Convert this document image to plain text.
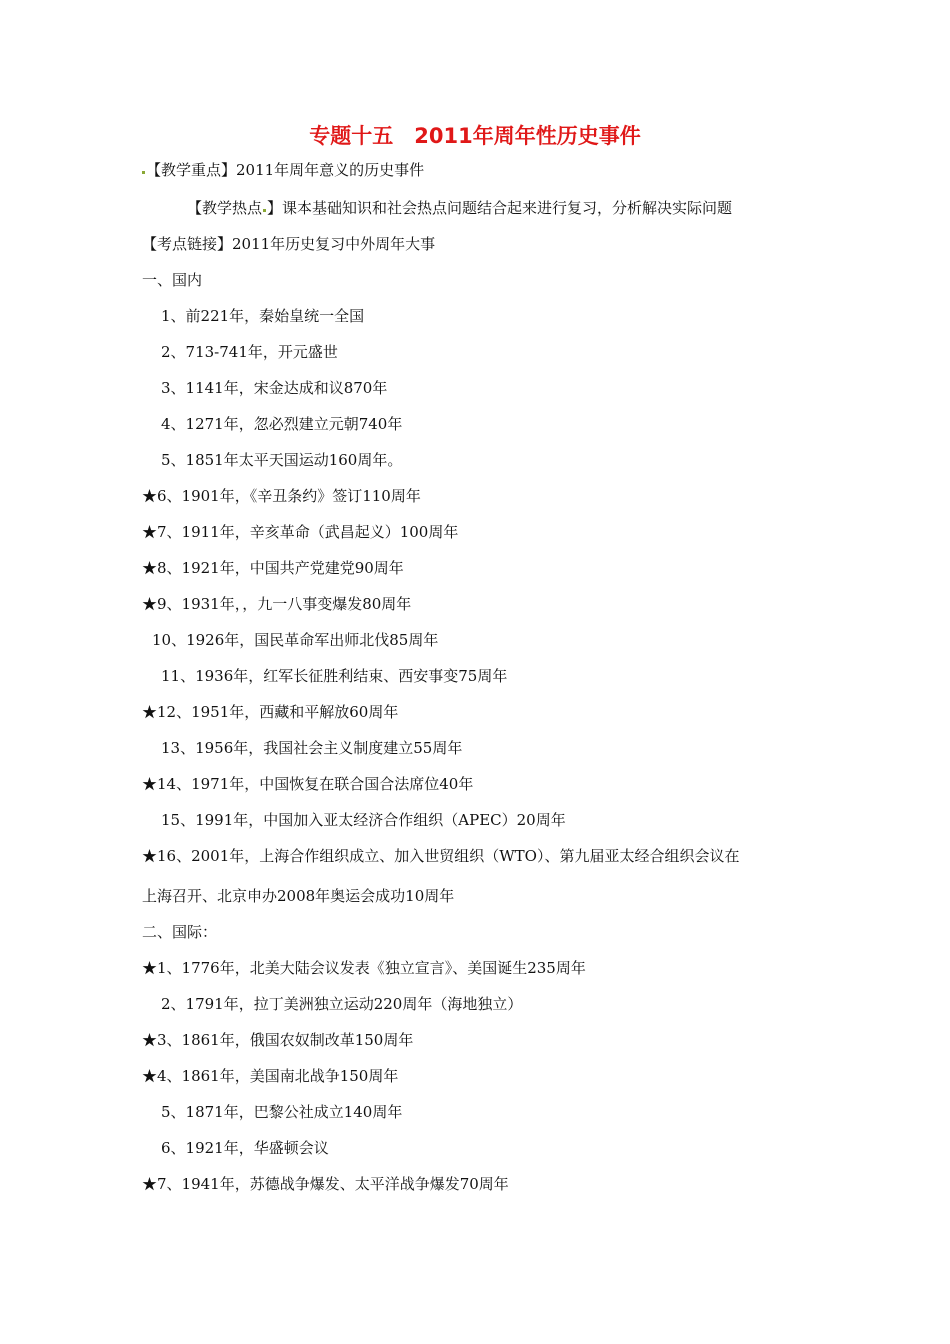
专题十五　2011年周年性历史事件
【教学重点】2011年周年意义的历史事件
【教学热点 】课本基础知识和社会热点问题结合起来进行复习，分析解决实际问题
【考点链接】2011年历史复习中外周年大事
一、国内
1、前221年，秦始皇统一全国
2、713-741年，开元盛世
3、1141年，宋金达成和议870年
4、1271年，忽必烈建立元朝740年
5、1851年太平天国运动160周年。
★6、1901年，《辛丑条约》签订110周年
★7、1911年，辛亥革命（武昌起义）100周年
★8、1921年，中国共产党建党90周年
★9、1931年，，九一八事变爆发80周年
10、1926年，国民革命军出师北伐85周年
11、1936年，红军长征胜利结束、西安事变75周年
★12、1951年，西藏和平解放60周年
13、1956年，我国社会主义制度建立55周年
★14、1971年，中国恢复在联合国合法席位40年
15、1991年，中国加入亚太经济合作组织（APEC）20周年
★16、2001年，上海合作组织成立、加入世贸组织（WTO）、第九届亚太经合组织会议在
上海召开、北京申办2008年奥运会成功10周年
二、国际：
★1、1776年，北美大陆会议发表《独立宣言》、美国诞生235周年
2、1791年，拉丁美洲独立运动220周年（海地独立）
★3、1861年，俄国农奴制改革150周年
★4、1861年，美国南北战争150周年
5、1871年，巴黎公社成立140周年
6、1921年，华盛顿会议
★7、1941年，苏德战争爆发、太平洋战争爆发70周年
